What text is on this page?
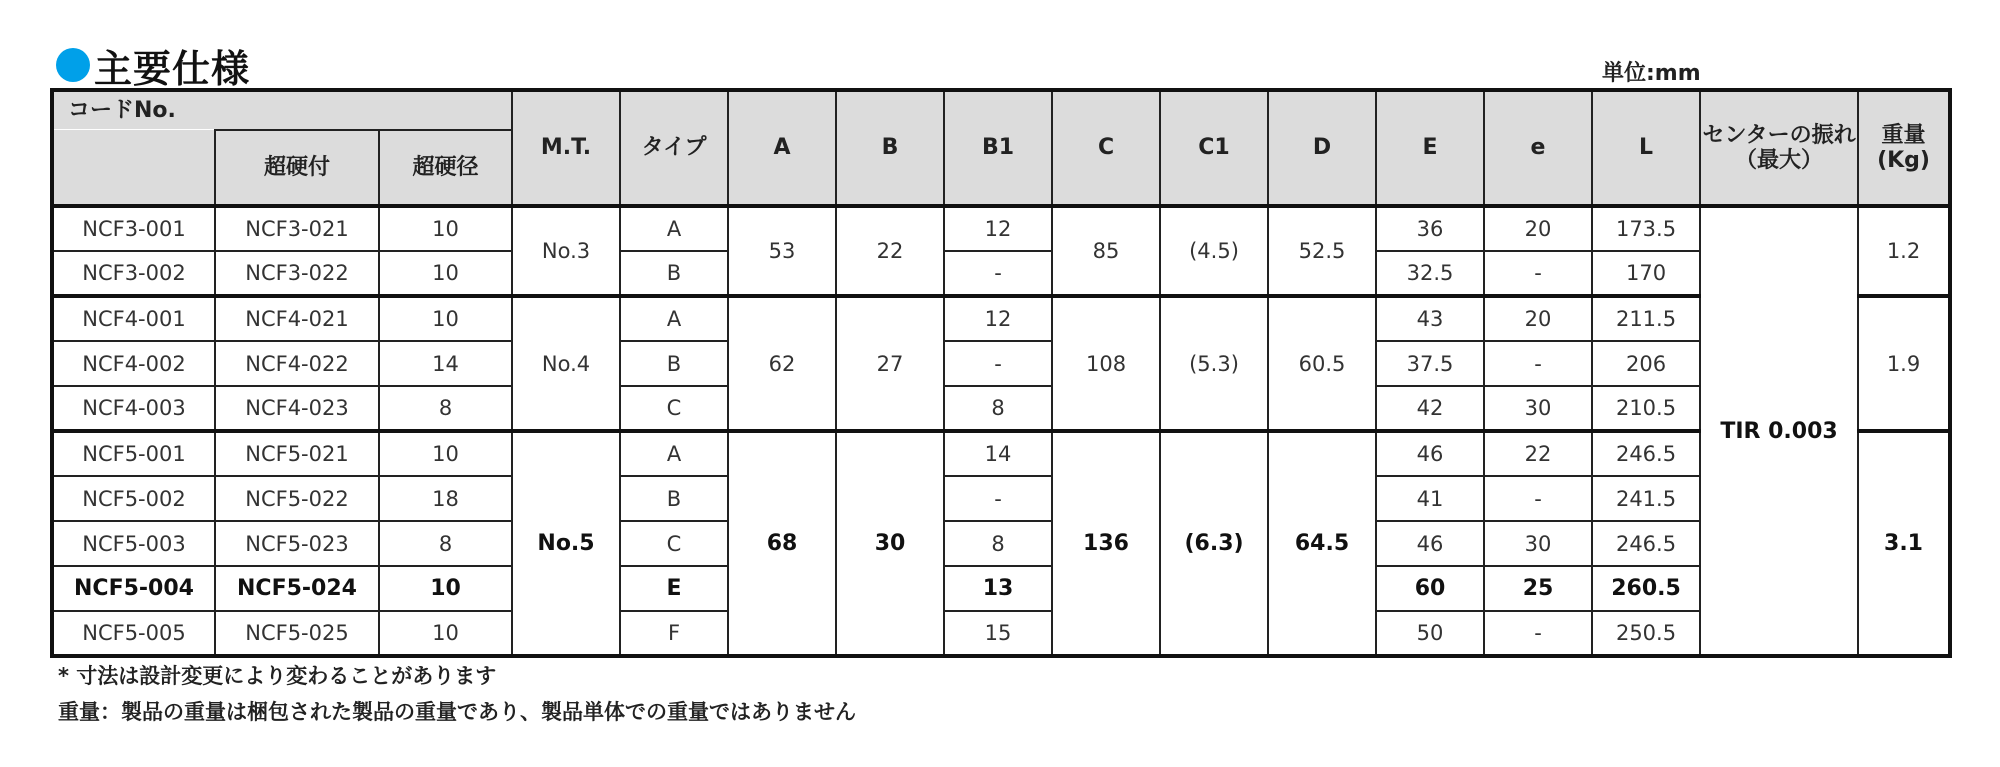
主要仕様	単位:mm
コードNo.			M.T.	タイプ	A	B	B1	C	C1	D	E	e	L	センターの振れ（最大）	重量(Kg)
	超硬付	超硬径													
NCF3-001	NCF3-021	10	No.3	A	53	22	12	85	(4.5)	52.5	36	20	173.5	TIR 0.003	1.2
NCF3-002	NCF3-022	10		B			-				32.5	-	170		
NCF4-001	NCF4-021	10	No.4	A	62	27	12	108	(5.3)	60.5	43	20	211.5		1.9
NCF4-002	NCF4-022	14		B			-				37.5	-	206		
NCF4-003	NCF4-023	8		C			8				42	30	210.5		
NCF5-001	NCF5-021	10	No.5	A	68	30	14	136	(6.3)	64.5	46	22	246.5		3.1
NCF5-002	NCF5-022	18		B			-				41	-	241.5		
NCF5-003	NCF5-023	8		C			8				46	30	246.5		
NCF5-004	NCF5-024	10		E			13				60	25	260.5		
NCF5-005	NCF5-025	10		F			15				50	-	250.5		
* 寸法は設計変更により変わることがあります
重量：製品の重量は梱包された製品の重量であり、製品単体での重量ではありません
